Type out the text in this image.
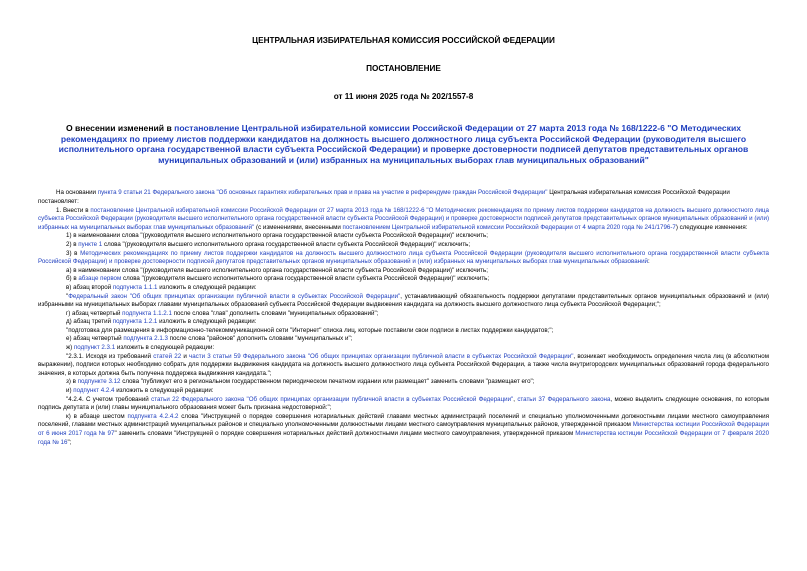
ЦЕНТРАЛЬНАЯ ИЗБИРАТЕЛЬНАЯ КОМИССИЯ РОССИЙСКОЙ ФЕДЕРАЦИИ
ПОСТАНОВЛЕНИЕ
от 11 июня 2025 года № 202/1557-8
О внесении изменений в постановление Центральной избирательной комиссии Российской Федерации от 27 марта 2013 года № 168/1222-6 "О Методических рекомендациях по приему листов поддержки кандидатов на должность высшего должностного лица субъекта Российской Федерации (руководителя высшего исполнительного органа государственной власти субъекта Российской Федерации) и проверке достоверности подписей депутатов представительных органов муниципальных образований и (или) избранных на муниципальных выборах глав муниципальных образований"

На основании пункта 9 статьи 21 Федерального закона "Об основных гарантиях избирательных прав и права на участие в референдуме граждан Российской Федерации" Центральная избирательная комиссия Российской Федерации

постановляет:

1. Внести в постановление Центральной избирательной комиссии Российской Федерации от 27 марта 2013 года № 168/1222-6 "О Методических рекомендациях по приему листов поддержки кандидатов на должность высшего должностного лица субъекта Российской Федерации (руководителя высшего исполнительного органа государственной власти субъекта Российской Федерации) и проверке достоверности подписей депутатов представительных органов муниципальных образований и (или) избранных на муниципальных выборах глав муниципальных образований" (с изменениями, внесенными постановлением Центральной избирательной комиссии Российской Федерации от 4 марта 2020 года № 241/1796-7) следующие изменения:

1) в наименовании слова "(руководителя высшего исполнительного органа государственной власти субъекта Российской Федерации)" исключить;

2) в пункте 1 слова "(руководителя высшего исполнительного органа государственной власти субъекта Российской Федерации)" исключить;

3) в Методических рекомендациях по приему листов поддержки кандидатов на должность высшего должностного лица субъекта Российской Федерации (руководителя высшего исполнительного органа государственной власти субъекта Российской Федерации) и проверке достоверности подписей депутатов представительных органов муниципальных образований и (или) избранных на муниципальных выборах глав муниципальных образований:

а) в наименовании слова "(руководителя высшего исполнительного органа государственной власти субъекта Российской Федерации)" исключить;

б) в абзаце первом слова "(руководителя высшего исполнительного органа государственной власти субъекта Российской Федерации)" исключить;

в) абзац второй подпункта 1.1.1 изложить в следующей редакции:

"Федеральный закон "Об общих принципах организации публичной власти в субъектах Российской Федерации", устанавливающий обязательность поддержки депутатами представительных органов муниципальных образований и (или) избранными на муниципальных выборах главами муниципальных образований субъекта Российской Федерации выдвижения кандидата на должность высшего должностного лица субъекта Российской Федерации;";

г) абзац четвертый подпункта 1.1.2.1 после слова "глав" дополнить словами "муниципальных образований";

д) абзац третий подпункта 1.2.1 изложить в следующей редакции:

"подготовка для размещения в информационно-телекоммуникационной сети "Интернет" списка лиц, которые поставили свои подписи в листах поддержки кандидатов;";

е) абзац четвертый подпункта 2.1.3 после слова "районов" дополнить словами "муниципальных и";

ж) подпункт 2.3.1 изложить в следующей редакции:

"2.3.1. Исходя из требований статей 22 и части 3 статьи 59 Федерального закона "Об общих принципах организации публичной власти в субъектах Российской Федерации", возникает необходимость определения числа лиц (в абсолютном выражении), подписи которых необходимо собрать для поддержки выдвижения кандидата на должность высшего должностного лица субъекта Российской Федерации, а также числа внутригородских муниципальных образований города федерального значения, в которых должна быть получена поддержка выдвижения кандидата.";

з) в подпункте 3.12 слова "публикует его в региональном государственном периодическом печатном издании или размещает" заменить словами "размещает его";

и) подпункт 4.2.4 изложить в следующей редакции:

"4.2.4. С учетом требований статьи 22 Федерального закона "Об общих принципах организации публичной власти в субъектах Российской Федерации", статьи 37 Федерального закона, можно выделить следующие основания, по которым подпись депутата и (или) главы муниципального образования может быть признана недостоверной:";

к) в абзаце шестом подпункта 4.2.4.2 слова "Инструкцией о порядке совершения нотариальных действий главами местных администраций поселений и специально уполномоченными должностными лицами местного самоуправления поселений, главами местных администраций муниципальных районов и специально уполномоченными должностными лицами местного самоуправления муниципальных районов, утвержденной приказом Министерства юстиции Российской Федерации от 6 июня 2017 года № 97" заменить словами "Инструкцией о порядке совершения нотариальных действий должностными лицами местного самоуправления, утвержденной приказом Министерства юстиции Российской Федерации от 7 февраля 2020 года № 16";
